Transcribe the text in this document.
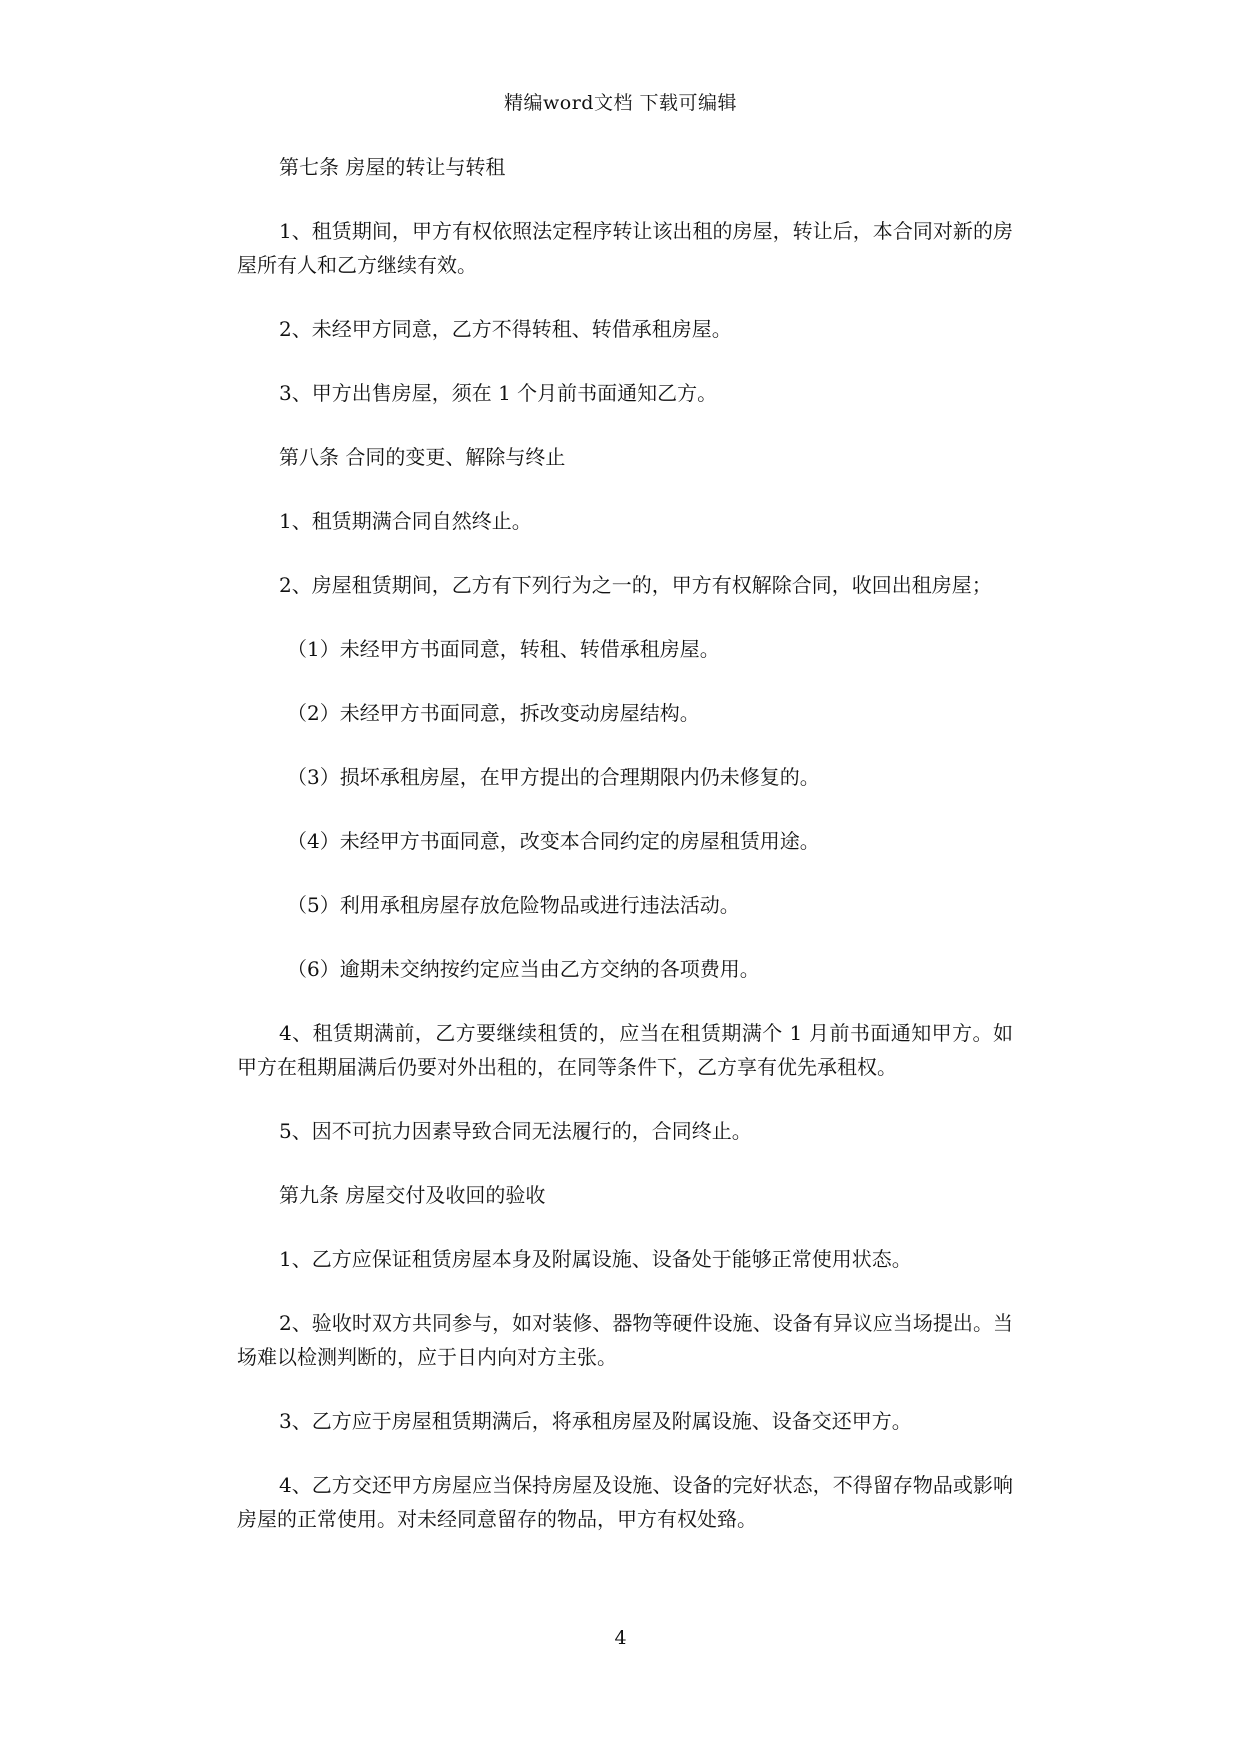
精编word文档 下载可编辑

第七条 房屋的转让与转租

1、租赁期间，甲方有权依照法定程序转让该出租的房屋，转让后，本合同对新的房屋所有人和乙方继续有效。

2、未经甲方同意，乙方不得转租、转借承租房屋。

3、甲方出售房屋，须在 1 个月前书面通知乙方。

第八条 合同的变更、解除与终止

1、租赁期满合同自然终止。

2、房屋租赁期间，乙方有下列行为之一的，甲方有权解除合同，收回出租房屋；

（1）未经甲方书面同意，转租、转借承租房屋。

（2）未经甲方书面同意，拆改变动房屋结构。

（3）损坏承租房屋，在甲方提出的合理期限内仍未修复的。

（4）未经甲方书面同意，改变本合同约定的房屋租赁用途。

（5）利用承租房屋存放危险物品或进行违法活动。

（6）逾期未交纳按约定应当由乙方交纳的各项费用。

4、租赁期满前，乙方要继续租赁的，应当在租赁期满个 1 月前书面通知甲方。如甲方在租期届满后仍要对外出租的，在同等条件下，乙方享有优先承租权。

5、因不可抗力因素导致合同无法履行的，合同终止。

第九条 房屋交付及收回的验收

1、乙方应保证租赁房屋本身及附属设施、设备处于能够正常使用状态。

2、验收时双方共同参与，如对装修、器物等硬件设施、设备有异议应当场提出。当场难以检测判断的，应于日内向对方主张。

3、乙方应于房屋租赁期满后，将承租房屋及附属设施、设备交还甲方。

4、乙方交还甲方房屋应当保持房屋及设施、设备的完好状态，不得留存物品或影响房屋的正常使用。对未经同意留存的物品，甲方有权处臵。

4
